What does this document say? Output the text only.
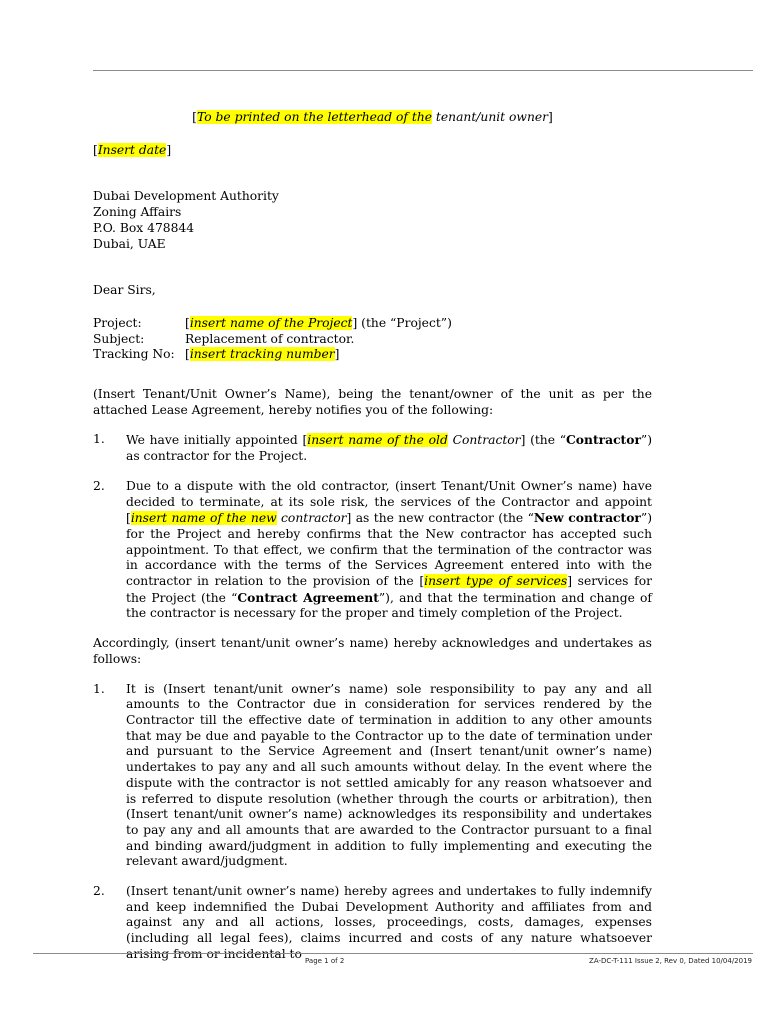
[To be printed on the letterhead of the tenant/unit owner]

[Insert date]

Dubai Development Authority

Zoning Affairs

P.O. Box 478844

Dubai, UAE

Dear Sirs,

Project:	[insert name of the Project] (the “Project”)
Subject:	Replacement of contractor.
Tracking No: [insert tracking number]

(Insert Tenant/Unit Owner’s Name), being the tenant/owner of the unit as per the attached Lease Agreement, hereby notifies you of the following:

1.	We have initially appointed [insert name of the old Contractor] (the “Contractor”) as contractor for the Project.
2.	Due to a dispute with the old contractor, (insert Tenant/Unit Owner’s name) have decided to terminate, at its sole risk, the services of the Contractor and appoint [insert name of the new contractor] as the new contractor (the “New contractor”) for the Project and hereby confirms that the New contractor has accepted such appointment. To that effect, we confirm that the termination of the contractor was in accordance with the terms of the Services Agreement entered into with the contractor in relation to the provision of the [insert type of services] services for the Project (the “Contract Agreement”), and that the termination and change of the contractor is necessary for the proper and timely completion of the Project.

Accordingly, (insert tenant/unit owner’s name) hereby acknowledges and undertakes as follows:

1.	It is (Insert tenant/unit owner’s name) sole responsibility to pay any and all amounts to the Contractor due in consideration for services rendered by the Contractor till the effective date of termination in addition to any other amounts that may be due and payable to the Contractor up to the date of termination under and pursuant to the Service Agreement and (Insert tenant/unit owner’s name) undertakes to pay any and all such amounts without delay. In the event where the dispute with the contractor is not settled amicably for any reason whatsoever and is referred to dispute resolution (whether through the courts or arbitration), then (Insert tenant/unit owner’s name) acknowledges its responsibility and undertakes to pay any and all amounts that are awarded to the Contractor pursuant to a final and binding award/judgment in addition to fully implementing and executing the relevant award/judgment.
2.	(Insert tenant/unit owner’s name) hereby agrees and undertakes to fully indemnify and keep indemnified the Dubai Development Authority and affiliates from and against any and all actions, losses, proceedings, costs, damages, expenses (including all legal fees), claims incurred and costs of any nature whatsoever
Page 1 of 2	ZA-DC-T-111 Issue 2, Rev 0, Dated 10/04/2019
